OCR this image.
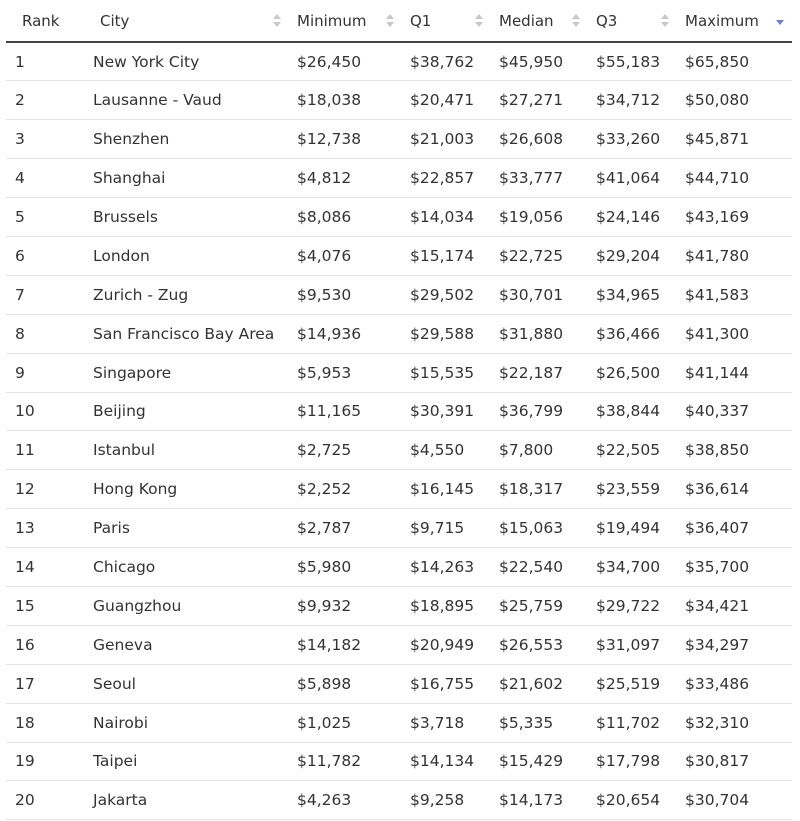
Rank	City	Minimum	Q1	Median	Q3	Maximum

1	New York City	$26,450	$38,762	$45,950	$55,183	$65,850
2	Lausanne - Vaud	$18,038	$20,471	$27,271	$34,712	$50,080
3	Shenzhen	$12,738	$21,003	$26,608	$33,260	$45,871
4	Shanghai	$4,812	$22,857	$33,777	$41,064	$44,710
5	Brussels	$8,086	$14,034	$19,056	$24,146	$43,169
6	London	$4,076	$15,174	$22,725	$29,204	$41,780
7	Zurich - Zug	$9,530	$29,502	$30,701	$34,965	$41,583
8	San Francisco Bay Area	$14,936	$29,588	$31,880	$36,466	$41,300
9	Singapore	$5,953	$15,535	$22,187	$26,500	$41,144
10	Beijing	$11,165	$30,391	$36,799	$38,844	$40,337
11	Istanbul	$2,725	$4,550	$7,800	$22,505	$38,850
12	Hong Kong	$2,252	$16,145	$18,317	$23,559	$36,614
13	Paris	$2,787	$9,715	$15,063	$19,494	$36,407
14	Chicago	$5,980	$14,263	$22,540	$34,700	$35,700
15	Guangzhou	$9,932	$18,895	$25,759	$29,722	$34,421
16	Geneva	$14,182	$20,949	$26,553	$31,097	$34,297
17	Seoul	$5,898	$16,755	$21,602	$25,519	$33,486
18	Nairobi	$1,025	$3,718	$5,335	$11,702	$32,310
19	Taipei	$11,782	$14,134	$15,429	$17,798	$30,817
20	Jakarta	$4,263	$9,258	$14,173	$20,654	$30,704
